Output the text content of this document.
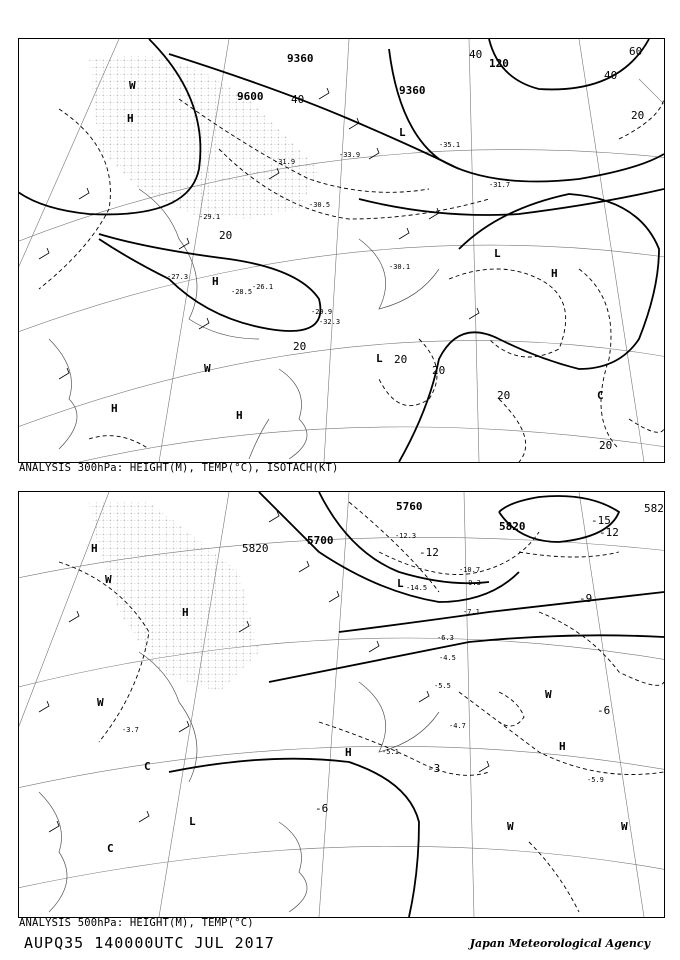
9360
9600	9360
40
40
120
60
40
20
20
20
20
20
20
20
H
H
H
H
H
L
L
L
C
W
W
-35.1
-33.9
-31.9
-30.5
-29.1
-28.5
-27.3
-26.1
-31.7
-32.3
-30.1
-29.9
ANALYSIS 300hPa: HEIGHT(M), TEMP(°C), ISOTACH(KT)
5820
5760
5700
5820	-15
-12
-9
-6
-3
-6
-12
582
H
H
H	H
L
L
C
C
W
W
W
W	W
-12.3
-14.5
-10.7
-9.3
-7.1
-6.3
-5.5
-4.7
-5.9
-5.1
-4.5
-3.7
ANALYSIS 500hPa: HEIGHT(M), TEMP(°C)
AUPQ35 140000UTC JUL 2017	Japan Meteorological Agency
